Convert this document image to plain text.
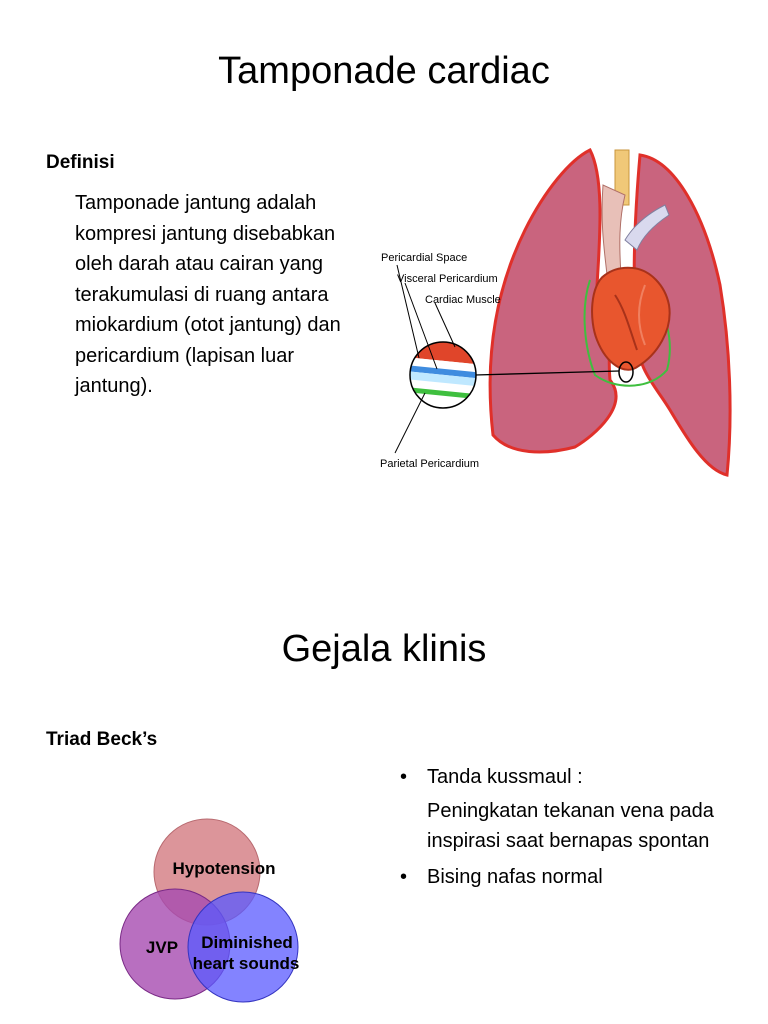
Tamponade cardiac
Definisi

Tamponade jantung adalah kompresi jantung disebabkan oleh darah atau cairan yang terakumulasi di ruang antara miokardium (otot jantung) dan pericardium (lapisan luar jantung).

Pericardial Space
Visceral Pericardium
Cardiac Muscle
Parietal Pericardium
Gejala klinis
Triad Beck’s
• Tanda kussmaul :
Peningkatan tekanan vena pada inspirasi saat bernapas spontan
• Bising nafas normal
Hypotension
JVP Diminished
heart sounds
